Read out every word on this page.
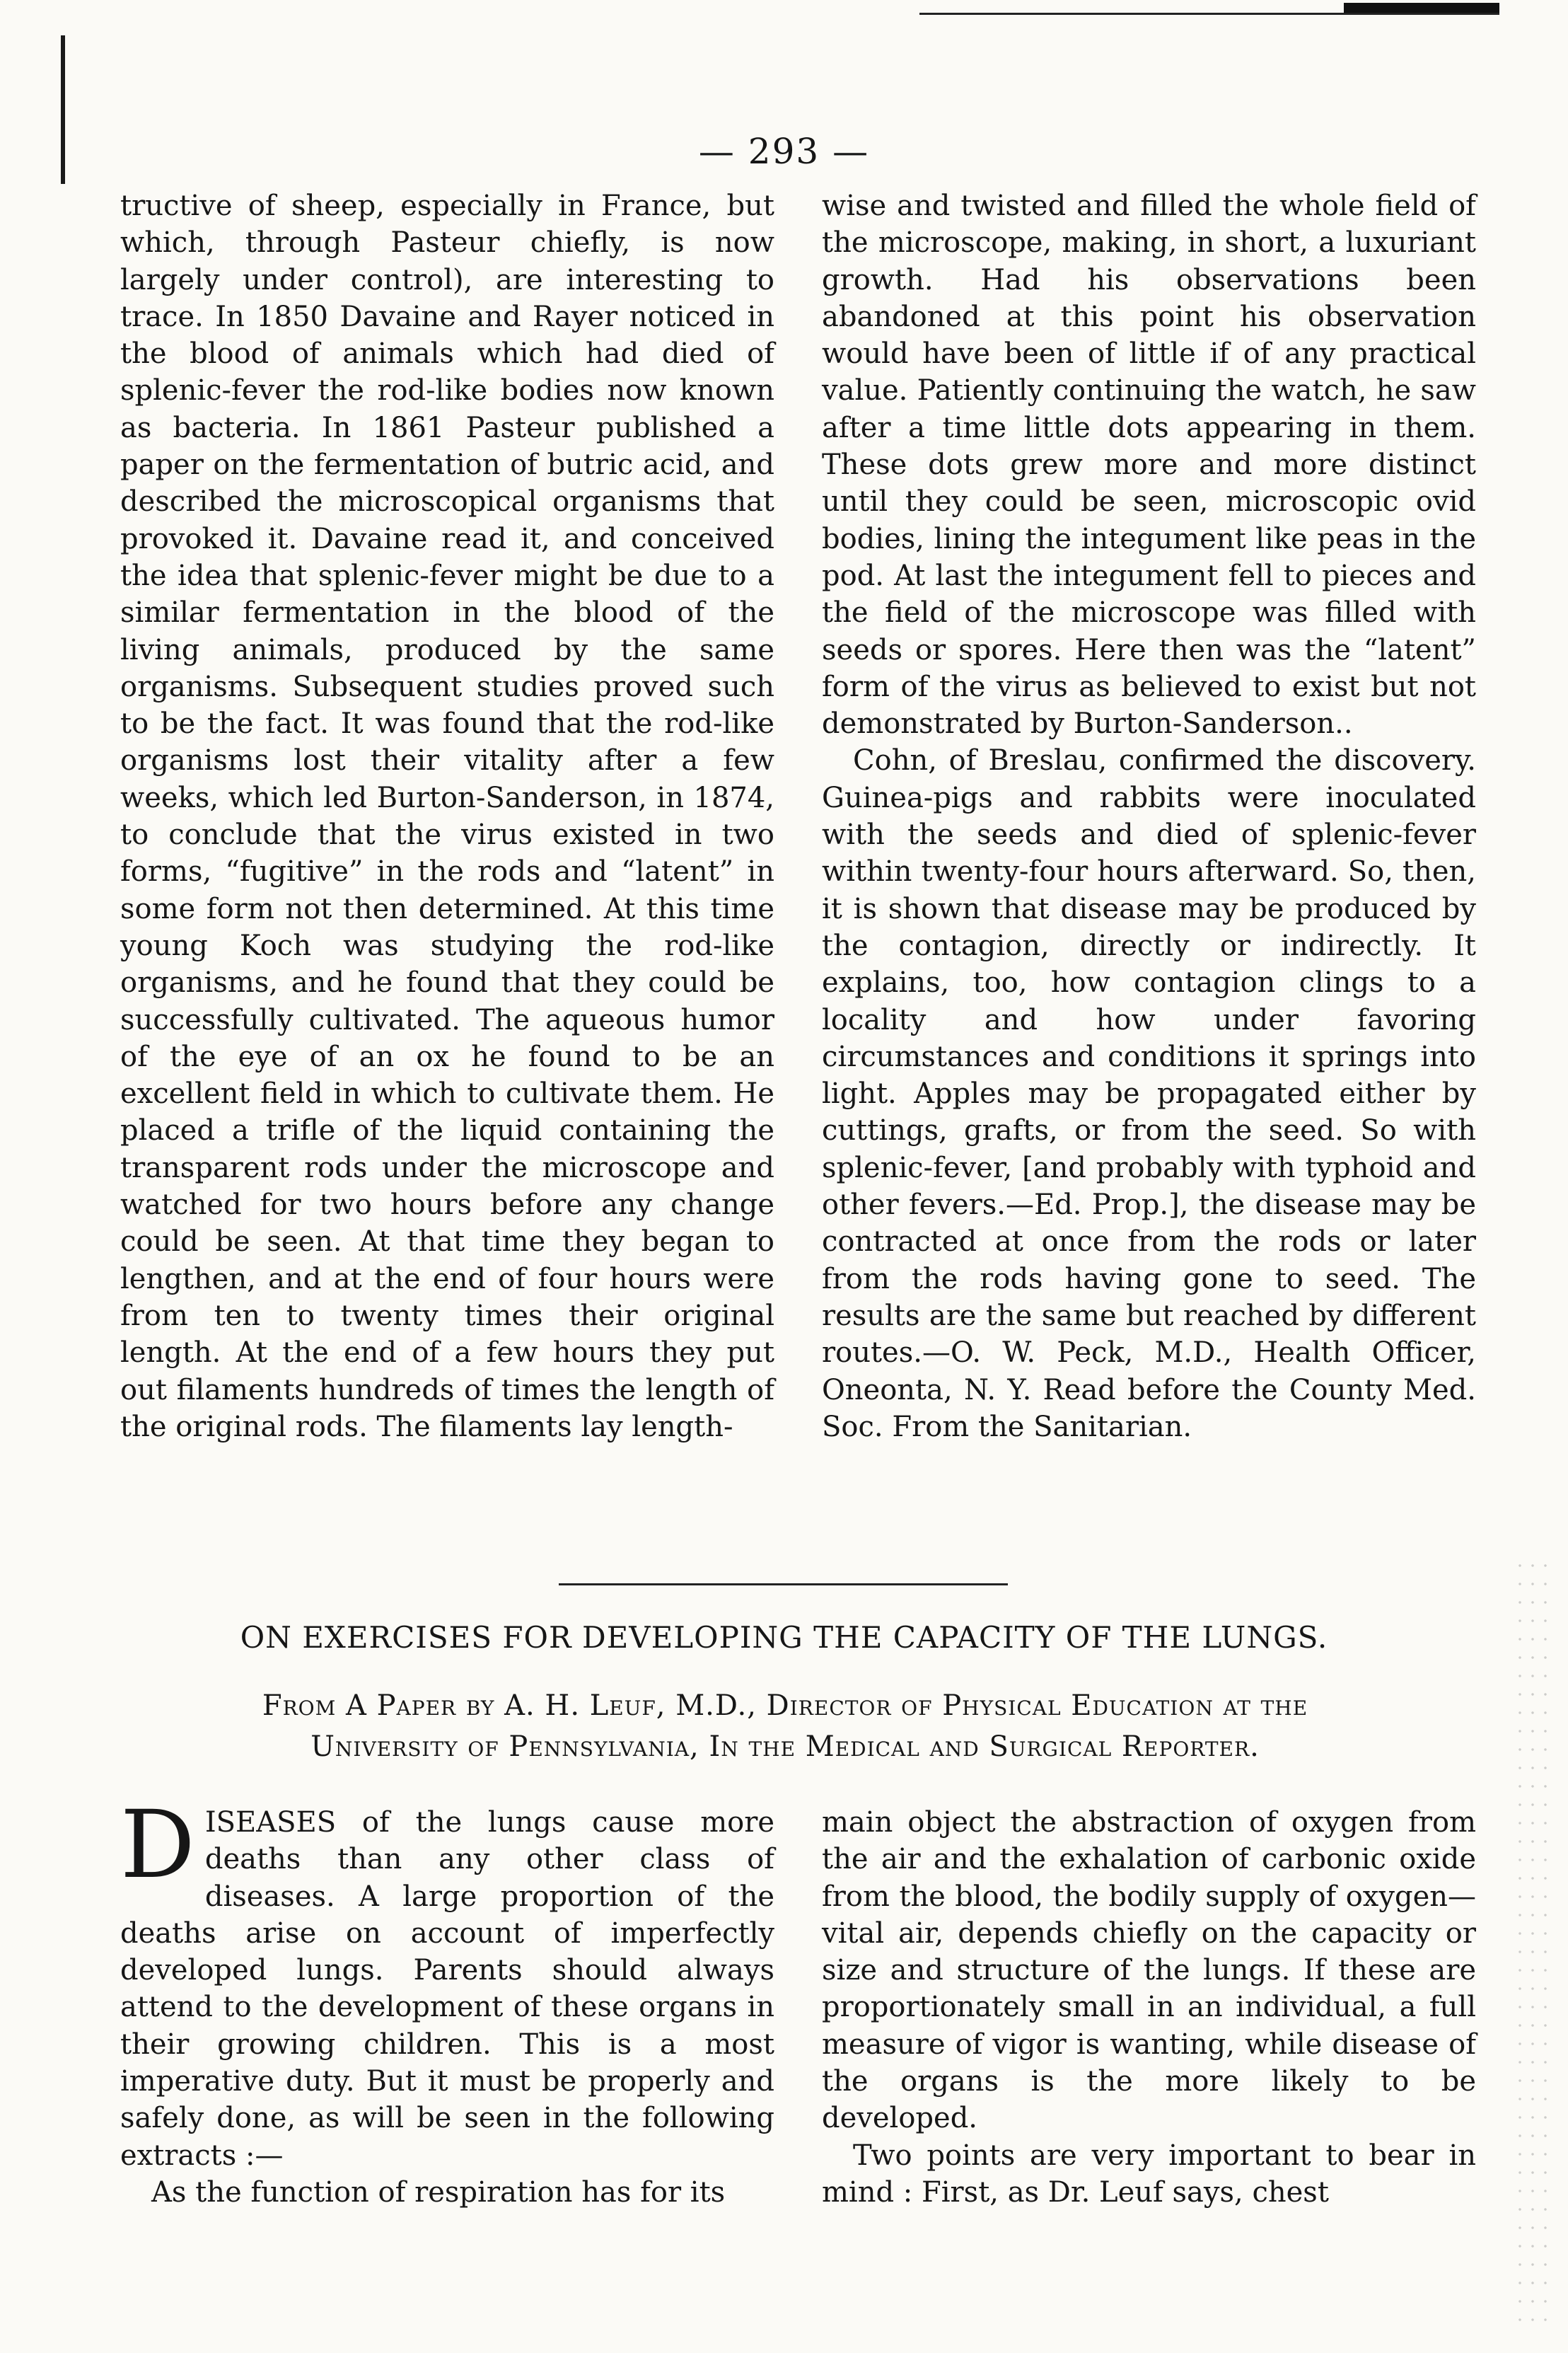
— 293 —

tructive of sheep, especially in France, but which, through Pasteur chiefly, is now largely under control), are interesting to trace. In 1850 Davaine and Rayer noticed in the blood of animals which had died of splenic-fever the rod-like bodies now known as bacteria. In 1861 Pasteur published a paper on the fermentation of butric acid, and described the microscopical organisms that provoked it. Davaine read it, and conceived the idea that splenic-fever might be due to a similar fermentation in the blood of the living animals, produced by the same organisms. Subsequent studies proved such to be the fact. It was found that the rod-like organisms lost their vitality after a few weeks, which led Burton-Sanderson, in 1874, to conclude that the virus existed in two forms, “fugitive” in the rods and “latent” in some form not then determined. At this time young Koch was studying the rod-like organisms, and he found that they could be successfully cultivated. The aqueous humor of the eye of an ox he found to be an excellent field in which to cultivate them. He placed a trifle of the liquid containing the transparent rods under the microscope and watched for two hours before any change could be seen. At that time they began to lengthen, and at the end of four hours were from ten to twenty times their original length. At the end of a few hours they put out filaments hundreds of times the length of the original rods. The filaments lay length-

wise and twisted and filled the whole field of the microscope, making, in short, a luxuriant growth. Had his observations been abandoned at this point his observation would have been of little if of any practical value. Patiently continuing the watch, he saw after a time little dots appearing in them. These dots grew more and more distinct until they could be seen, microscopic ovid bodies, lining the integument like peas in the pod. At last the integument fell to pieces and the field of the microscope was filled with seeds or spores. Here then was the “latent” form of the virus as believed to exist but not demonstrated by Burton-Sanderson..

Cohn, of Breslau, confirmed the discovery. Guinea-pigs and rabbits were inoculated with the seeds and died of splenic-fever within twenty-four hours afterward. So, then, it is shown that disease may be produced by the contagion, directly or indirectly. It explains, too, how contagion clings to a locality and how under favoring circumstances and conditions it springs into light. Apples may be propagated either by cuttings, grafts, or from the seed. So with splenic-fever, [and probably with typhoid and other fevers.—Ed. Prop.], the disease may be contracted at once from the rods or later from the rods having gone to seed. The results are the same but reached by different routes.—O. W. Peck, M.D., Health Officer, Oneonta, N. Y. Read before the County Med. Soc. From the Sanitarian.

ON EXERCISES FOR DEVELOPING THE CAPACITY OF THE LUNGS.
From A Paper by A. H. Leuf, M.D., Director of Physical Education at the
University of Pennsylvania, In the Medical and Surgical Reporter.

DISEASES of the lungs cause more deaths than any other class of diseases. A large proportion of the deaths arise on account of imperfectly developed lungs. Parents should always attend to the development of these organs in their growing children. This is a most imperative duty. But it must be properly and safely done, as will be seen in the following extracts :—

As the function of respiration has for its

main object the abstraction of oxygen from the air and the exhalation of carbonic oxide from the blood, the bodily supply of oxygen—vital air, depends chiefly on the capacity or size and structure of the lungs. If these are proportionately small in an individual, a full measure of vigor is wanting, while disease of the organs is the more likely to be developed.

Two points are very important to bear in mind : First, as Dr. Leuf says, chest
